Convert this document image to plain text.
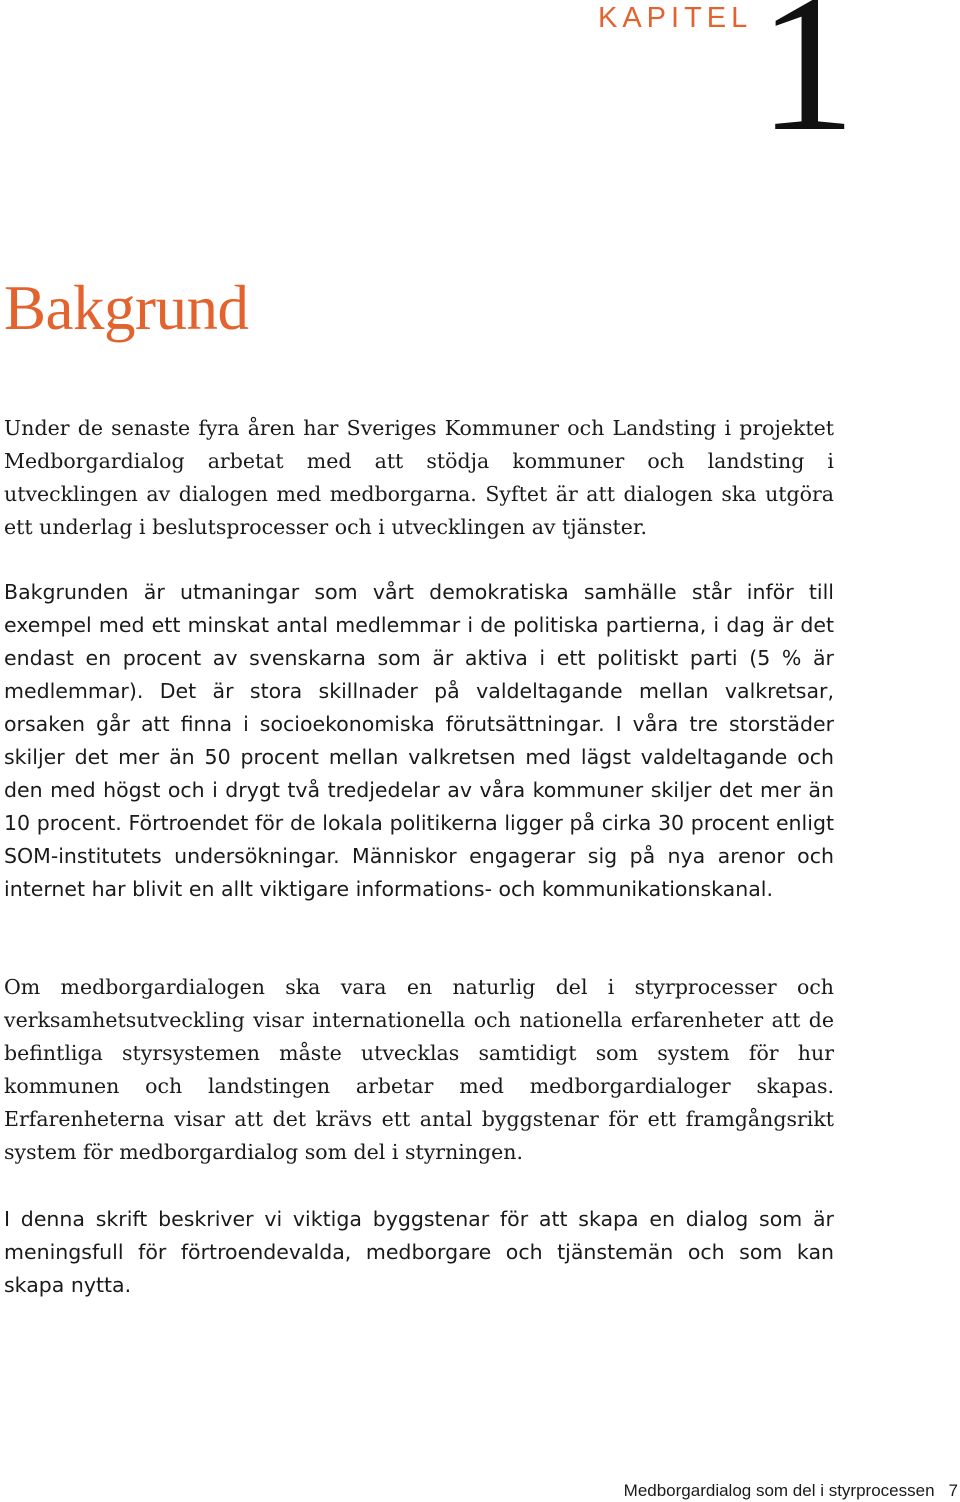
KAPITEL 1
Bakgrund

Under de senaste fyra åren har Sveriges Kommuner och Landsting i projektet Medborgardialog arbetat med att stödja kommuner och landsting i utvecklingen av dialogen med medborgarna. Syftet är att dialogen ska utgöra ett underlag i beslutsprocesser och i utvecklingen av tjänster.

Bakgrunden är utmaningar som vårt demokratiska samhälle står inför till exempel med ett minskat antal medlemmar i de politiska partierna, i dag är det endast en procent av svenskarna som är aktiva i ett politiskt parti (5 % är medlemmar). Det är stora skillnader på valdeltagande mellan valkretsar, orsaken går att finna i socioekonomiska förutsättningar. I våra tre storstäder skiljer det mer än 50 procent mellan valkretsen med lägst valdeltagande och den med högst och i drygt två tredjedelar av våra kommuner skiljer det mer än 10 procent. Förtroendet för de lokala politikerna ligger på cirka 30 procent enligt SOM-institutets undersökningar. Människor engagerar sig på nya arenor och internet har blivit en allt viktigare informations- och kommunikationskanal.

Om medborgardialogen ska vara en naturlig del i styrprocesser och verksamhetsutveckling visar internationella och nationella erfarenheter att de befintliga styrsystemen måste utvecklas samtidigt som system för hur kommunen och landstingen arbetar med medborgardialoger skapas. Erfarenheterna visar att det krävs ett antal byggstenar för ett framgångsrikt system för medborgardialog som del i styrningen.

I denna skrift beskriver vi viktiga byggstenar för att skapa en dialog som är meningsfull för förtroendevalda, medborgare och tjänstemän och som kan skapa nytta.

Medborgardialog som del i styrprocessen 7
